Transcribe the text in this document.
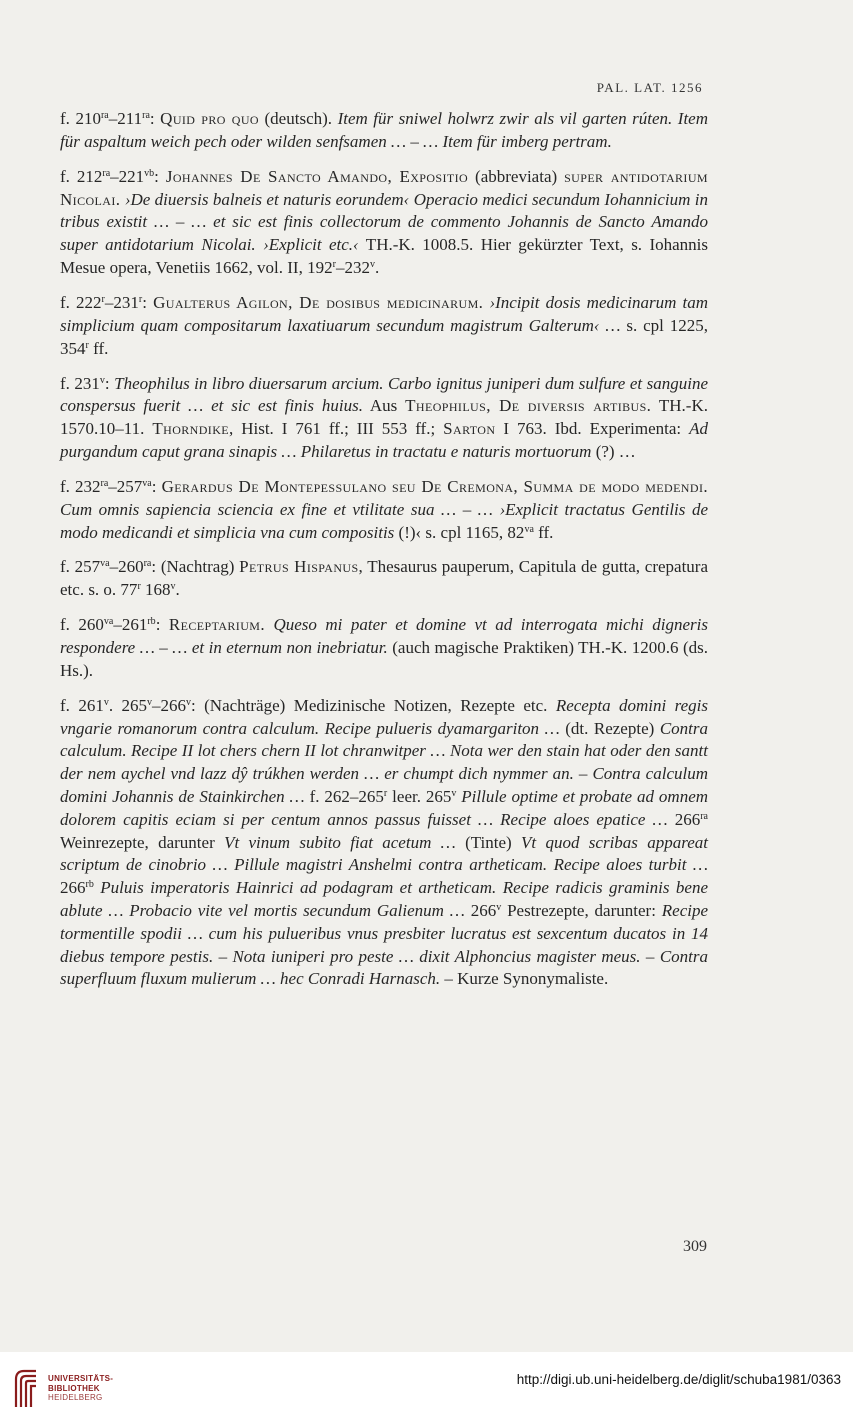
PAL. LAT. 1256

f. $210^{ra}-211^{ra}$: Quid pro quo (deutsch). Item für sniwel holwrz zwir als vil garten rúten. Item für aspaltum weich pech oder wilden senfsamen … – … Item für imberg pertram.

f. $212^{ra}-221^{vb}$: Johannes De Sancto Amando, Expositio (abbreviata) super antidotarium Nicolai. ›De diuersis balneis et naturis eorundem‹ Operacio medici secundum Iohannicium in tribus existit … – … et sic est finis collectorum de commento Johannis de Sancto Amando super antidotarium Nicolai. ›Explicit etc.‹ TH.-K. 1008.5. Hier gekürzter Text, s. Iohannis Mesue opera, Venetiis 1662, vol. II, 192$^r$–232$^v$.

f. 222$^r$–231$^r$: Gualterus Agilon, De dosibus medicinarum. ›Incipit dosis medicinarum tam simplicium quam compositarum laxatiuarum secundum magistrum Galterum‹ … s. cpl 1225, 354$^r$ ff.

f. 231$^v$: Theophilus in libro diuersarum arcium. Carbo ignitus juniperi dum sulfure et sanguine conspersus fuerit … et sic est finis huius. Aus Theophilus, De diversis artibus. TH.-K. 1570.10–11. Thorndike, Hist. I 761 ff.; III 553 ff.; Sarton I 763. Ibd. Experimenta: Ad purgandum caput grana sinapis … Philaretus in tractatu e naturis mortuorum (?) …

f. $232^{ra}-257^{va}$: Gerardus De Montepessulano seu De Cremona, Summa de modo medendi. Cum omnis sapiencia sciencia ex fine et vtilitate sua … – … ›Explicit tractatus Gentilis de modo medicandi et simplicia vna cum compositis (!)‹ s. cpl 1165, $82^{va}$ ff.

f. $257^{va}-260^{ra}$: (Nachtrag) Petrus Hispanus, Thesaurus pauperum, Capitula de gutta, crepatura etc. s. o. 77$^r$ 168$^v$.

f. $260^{va}-261^{rb}$: Receptarium. Queso mi pater et domine vt ad interrogata michi digneris respondere … – … et in eternum non inebriatur. (auch magische Praktiken) TH.-K. 1200.6 (ds. Hs.).

f. 261$^v$. 265$^v$–266$^v$: (Nachträge) Medizinische Notizen, Rezepte etc. Recepta domini regis vngarie romanorum contra calculum. Recipe pulueris dyamargariton … (dt. Rezepte) Contra calculum. Recipe II lot chers chern II lot chranwitper … Nota wer den stain hat oder den santt der nem aychel vnd lazz dŷ trúkhen werden … er chumpt dich nymmer an. – Contra calculum domini Johannis de Stainkirchen … f. 262–265$^r$ leer. 265$^v$ Pillule optime et probate ad omnem dolorem capitis eciam si per centum annos passus fuisset … Recipe aloes epatice … $266^{ra}$ Weinrezepte, darunter Vt vinum subito fiat acetum … (Tinte) Vt quod scribas appareat scriptum de cinobrio … Pillule magistri Anshelmi contra artheticam. Recipe aloes turbit … $266^{rb}$ Puluis imperatoris Hainrici ad podagram et artheticam. Recipe radicis graminis bene ablute … Probacio vite vel mortis secundum Galienum … 266$^v$ Pestrezepte, darunter: Recipe tormentille spodii … cum his pulueribus vnus presbiter lucratus est sexcentum ducatos in 14 diebus tempore pestis. – Nota iuniperi pro peste … dixit Alphoncius magister meus. – Contra superfluum fluxum mulierum … hec Conradi Harnasch. – Kurze Synonymaliste.

309
UNIVERSITÄTS-
BIBLIOTHEK
HEIDELBERG
http://digi.ub.uni-heidelberg.de/diglit/schuba1981/0363
